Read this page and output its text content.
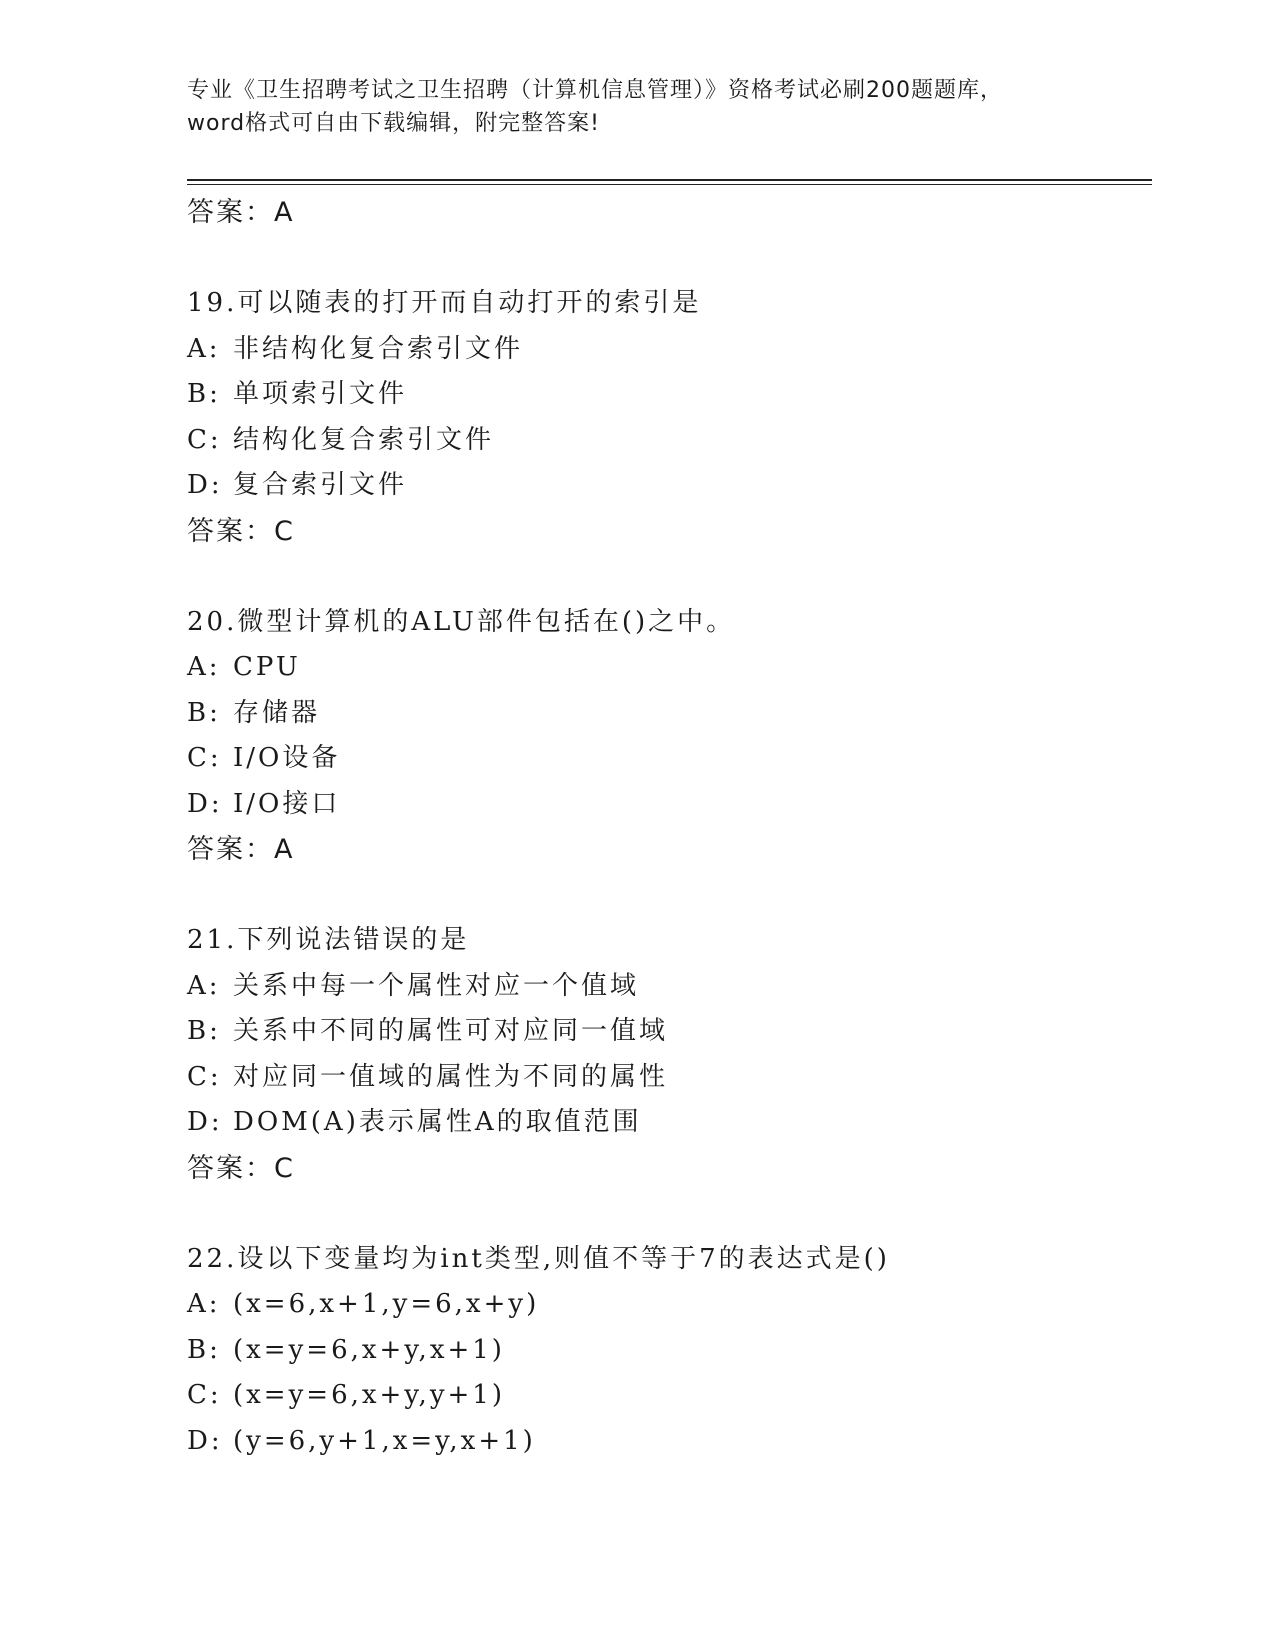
专业《卫生招聘考试之卫生招聘（计算机信息管理）》资格考试必刷200题题库，
word格式可自由下载编辑，附完整答案!
答案：A
19.可以随表的打开而自动打开的索引是
A: 非结构化复合索引文件
B: 单项索引文件
C: 结构化复合索引文件
D: 复合索引文件
答案：C
20.微型计算机的ALU部件包括在()之中。
A: CPU
B: 存储器
C: I/O设备
D: I/O接口
答案：A
21.下列说法错误的是
A: 关系中每一个属性对应一个值域
B: 关系中不同的属性可对应同一值域
C: 对应同一值域的属性为不同的属性
D: DOM(A)表示属性A的取值范围
答案：C
22.设以下变量均为int类型,则值不等于7的表达式是()
A: (x=6,x+1,y=6,x+y)
B: (x=y=6,x+y,x+1)
C: (x=y=6,x+y,y+1)
D: (y=6,y+1,x=y,x+1)
